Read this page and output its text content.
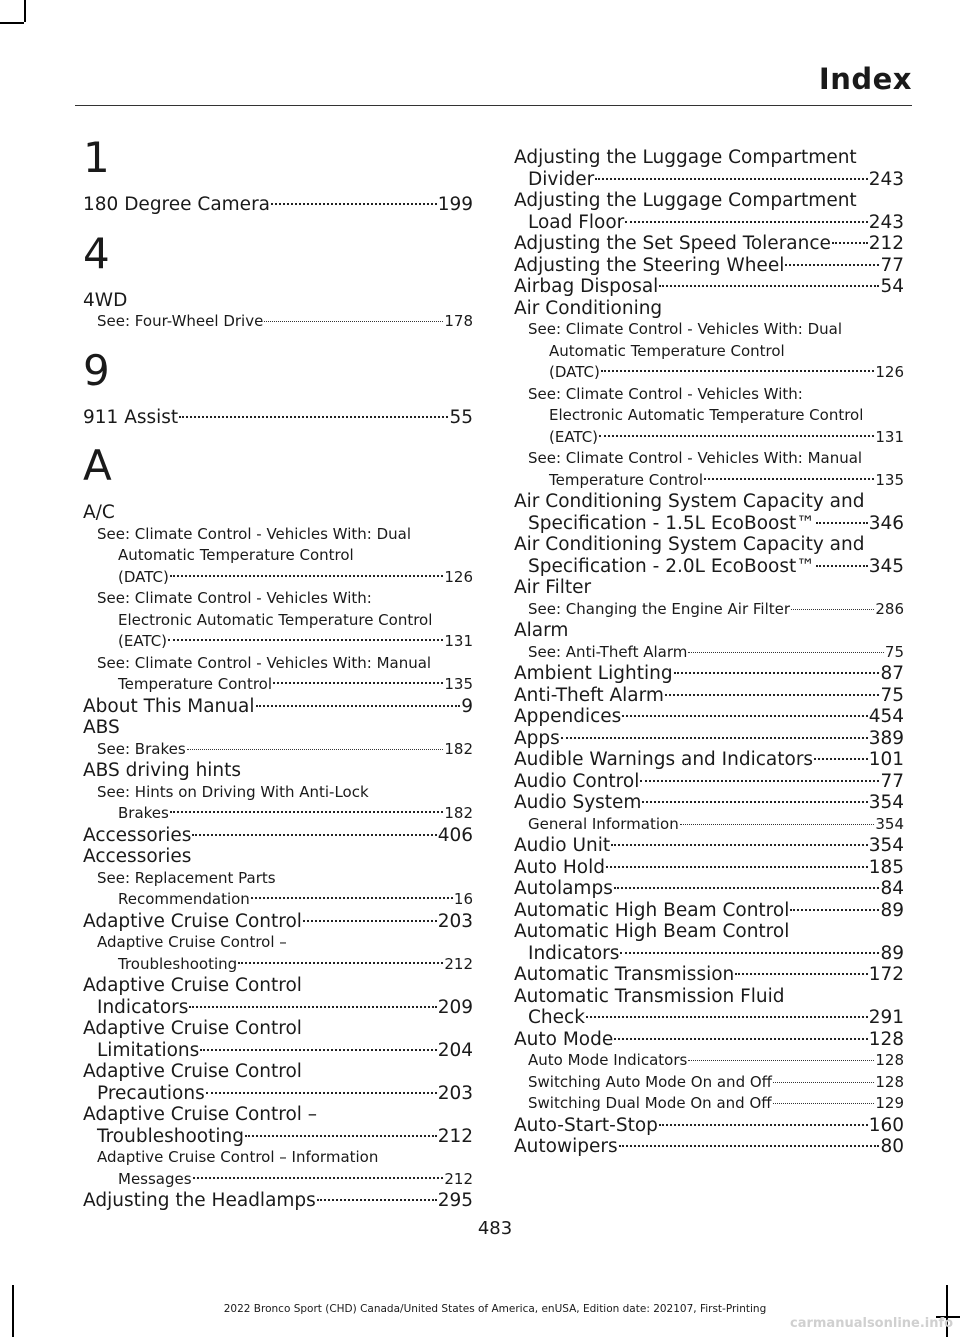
Index
1
180 Degree Camera	199
4
4WD
See: Four-Wheel Drive	178
9
911 Assist	55
A
A/C
See: Climate Control - Vehicles With: Dual
Automatic Temperature Control
(DATC)	126
See: Climate Control - Vehicles With:
Electronic Automatic Temperature Control
(EATC)	131
See: Climate Control - Vehicles With: Manual
Temperature Control	135
About This Manual	9
ABS
See: Brakes	182
ABS driving hints
See: Hints on Driving With Anti-Lock
Brakes	182
Accessories	406
Accessories
See: Replacement Parts
Recommendation	16
Adaptive Cruise Control	203
Adaptive Cruise Control –
Troubleshooting	212
Adaptive Cruise Control
Indicators	209
Adaptive Cruise Control
Limitations	204
Adaptive Cruise Control
Precautions	203
Adaptive Cruise Control –
Troubleshooting	212
Adaptive Cruise Control – Information
Messages	212
Adjusting the Headlamps	295
Adjusting the Luggage Compartment
Divider	243
Adjusting the Luggage Compartment
Load Floor	243
Adjusting the Set Speed Tolerance 212
Adjusting the Steering Wheel	77
Airbag Disposal	54
Air Conditioning
See: Climate Control - Vehicles With: Dual
Automatic Temperature Control
(DATC)	126
See: Climate Control - Vehicles With:
Electronic Automatic Temperature Control
(EATC)	131
See: Climate Control - Vehicles With: Manual
Temperature Control	135
Air Conditioning System Capacity and
Specification - 1.5L EcoBoost™	346
Air Conditioning System Capacity and
Specification - 2.0L EcoBoost™	345
Air Filter
See: Changing the Engine Air Filter	286
Alarm
See: Anti-Theft Alarm	75
Ambient Lighting	87
Anti-Theft Alarm	75
Appendices	454
Apps	389
Audible Warnings and Indicators	101
Audio Control	77
Audio System	354
General Information	354
Audio Unit	354
Auto Hold	185
Autolamps	84
Automatic High Beam Control	89
Automatic High Beam Control
Indicators	89
Automatic Transmission	172
Automatic Transmission Fluid
Check	291
Auto Mode	128
Auto Mode Indicators	128
Switching Auto Mode On and Off	128
Switching Dual Mode On and Off	129
Auto-Start-Stop	160
Autowipers	80
483
2022 Bronco Sport (CHD) Canada/United States of America, enUSA, Edition date: 202107, First-Printing
carmanualsonline.info
